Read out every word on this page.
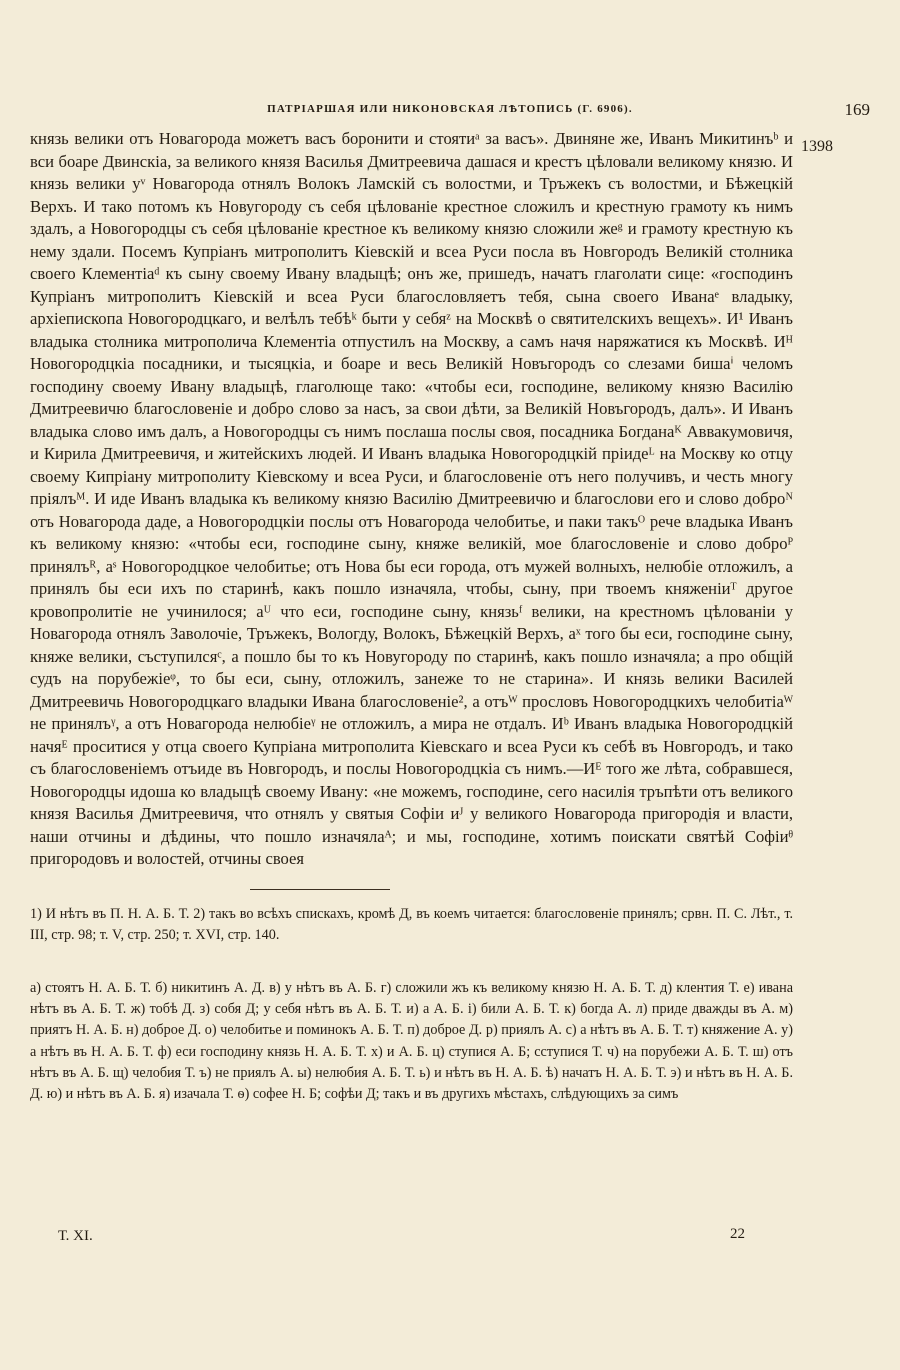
ПАТРІАРШАЯ ИЛИ НИКОНОВСКАЯ ЛѢТОПИСЬ (Г. 6906).	169
1398
князь велики отъ Новагорода можетъ васъ боронити и стоятиᵃ за васъ». Двиняне же, Иванъ Микитинъᵇ и вси боаре Двинскіа, за великого князя Василья Дмитреевича дашася и крестъ цѣловали великому князю. И князь велики уᵛ Новагорода отнялъ Волокъ Ламскій съ волостми, и Тръжекъ съ волостми, и Бѣжецкій Верхъ. И тако потомъ къ Новугороду съ себя цѣлованіе крестное сложилъ и крестную грамоту къ нимъ здалъ, а Новогородцы съ себя цѣлованіе крестное къ великому князю сложили жеᵍ и грамоту крестную къ нему здали. Посемъ Купріанъ митрополитъ Кіевскій и всеа Руси посла въ Новгородъ Великій столника своего Клементіаᵈ къ сыну своему Ивану владыцѣ; онъ же, пришедъ, начатъ глаголати сице: «господинъ Купріанъ митрополитъ Кіевскій и всеа Руси благословляетъ тебя, сына своего Иванаᵉ владыку, архіепископа Новогородцкаго, и велѣлъ тебѣᵏ быти у себяᶻ на Москвѣ о святителскихъ вещехъ». И¹ Иванъ владыка столника митрополича Клементіа отпустилъ на Москву, а самъ начя наряжатися къ Москвѣ. Иᴴ Новогородцкіа посадники, и тысяцкіа, и боаре и весь Великій Новъгородъ со слезами бишаⁱ челомъ господину своему Ивану владыцѣ, глаголюще тако: «чтобы еси, господине, великому князю Василію Дмитреевичю благословеніе и добро слово за насъ, за свои дѣти, за Великій Новъгородъ, далъ». И Иванъ владыка слово имъ далъ, а Новогородцы съ нимъ послаша послы своя, посадника Богданаᴷ Аввакумовичя, и Кирила Дмитреевичя, и житейскихъ людей. И Иванъ владыка Новогородцкій пріидеᴸ на Москву ко отцу своему Кипріану митрополиту Кіевскому и всеа Руси, и благословеніе отъ него получивъ, и честь многу пріялъᴹ. И иде Иванъ владыка къ великому князю Василію Дмитреевичю и благослови его и слово доброᴺ отъ Новагорода даде, а Новогородцкіи послы отъ Новагорода челобитье, и паки такъᴼ рече владыка Иванъ къ великому князю: «чтобы еси, господине сыну, княже великій, мое благословеніе и слово доброᴾ принялъᴿ, аˢ Новогородцкое челобитье; отъ Нова бы еси города, отъ мужей волныхъ, нелюбіе отложилъ, а принялъ бы еси ихъ по старинѣ, какъ пошло изначяла, чтобы, сыну, при твоемъ княженіиᵀ другое кровопролитіе не учинилося; аᵁ что еси, господине сыну, князьᶠ велики, на крестномъ цѣлованіи у Новагорода отнялъ Заволочіе, Тръжекъ, Вологду, Волокъ, Бѣжецкій Верхъ, аˣ того бы еси, господине сыну, княже велики, съступилсяᶜ, а пошло бы то къ Новугороду по старинѣ, какъ пошло изначяла; а про общій судъ на порубежіеᵠ, то бы еси, сыну, отложилъ, занеже то не старина». И князь велики Василей Дмитреевичь Новогородцкаго владыки Ивана благословеніе², а отъᵂ прословъ Новогородцкихъ челобитіаᵂ не принялъᵞ, а отъ Новагорода нелюбіеᵞ не отложилъ, а мира не отдалъ. Иᵇ Иванъ владыка Новогородцкій начяᴱ проситися у отца своего Купріана митрополита Кіевскаго и всеа Руси къ себѣ въ Новгородъ, и тако съ благословеніемъ отъиде въ Новгородъ, и послы Новогородцкіа съ нимъ.—Иᴱ того же лѣта, собравшеся, Новогородцы идоша ко владыцѣ своему Ивану: «не можемъ, господине, сего насилія тръпѣти отъ великого князя Василья Дмитреевичя, что отнялъ у святыя Софіи иᴶ у великого Новагорода пригородія и власти, наши отчины и дѣдины, что пошло изначялаᴬ; и мы, господине, хотимъ поискати святѣй Софіиᶿ пригородовъ и волостей, отчины своея
1) И нѣтъ въ П. Н. А. Б. Т. 2) такъ во всѣхъ спискахъ, кромѣ Д, въ коемъ читается: благословеніе принялъ; срвн. П. С. Лѣт., т. III, стр. 98; т. V, стр. 250; т. XVI, стр. 140.
а) стоятъ Н. А. Б. Т. б) никитинъ А. Д. в) у нѣтъ въ А. Б. г) сложили жъ къ великому князю Н. А. Б. Т. д) клентия Т. е) ивана нѣтъ въ А. Б. Т. ж) тобѣ Д. з) собя Д; у себя нѣтъ въ А. Б. Т. и) а А. Б. і) били А. Б. Т. к) богда А. л) приде дважды въ А. м) приятъ Н. А. Б. н) доброе Д. о) челобитье и поминокъ А. Б. Т. п) доброе Д. р) приялъ А. с) а нѣтъ въ А. Б. Т. т) княжение А. у) а нѣтъ въ Н. А. Б. Т. ф) еси господину князь Н. А. Б. Т. х) и А. Б. ц) ступися А. Б; сступися Т. ч) на порубежи А. Б. Т. ш) отъ нѣтъ въ А. Б. щ) челобия Т. ъ) не приялъ А. ы) нелюбия А. Б. Т. ь) и нѣтъ въ Н. А. Б. ѣ) начатъ Н. А. Б. Т. э) и нѣтъ въ Н. А. Б. Д. ю) и нѣтъ въ А. Б. я) изачала Т. ѳ) софее Н. Б; софѣи Д; такъ и въ другихъ мѣстахъ, слѣдующихъ за симъ
Т. XI.	22
